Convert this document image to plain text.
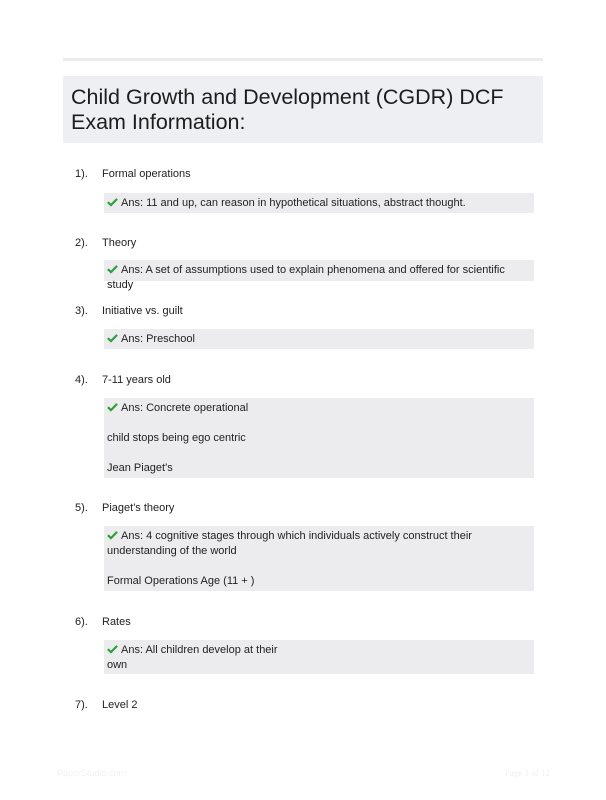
Child Growth and Development (CGDR) DCF Exam Information:
1). Formal operations

Ans: 11 and up, can reason in hypothetical situations, abstract thought.

2). Theory

Ans: A set of assumptions used to explain phenomena and offered for scientific study

3). Initiative vs. guilt

Ans: Preschool

4). 7-11 years old

Ans: Concrete operational

child stops being ego centric

Jean Piaget's

5). Piaget's theory

Ans: 4 cognitive stages through which individuals actively construct their understanding of the world

Formal Operations Age (11 + )

6). Rates

Ans: All children develop at their own

7). Level 2
PaperStudio.com	Page 1 of 12
